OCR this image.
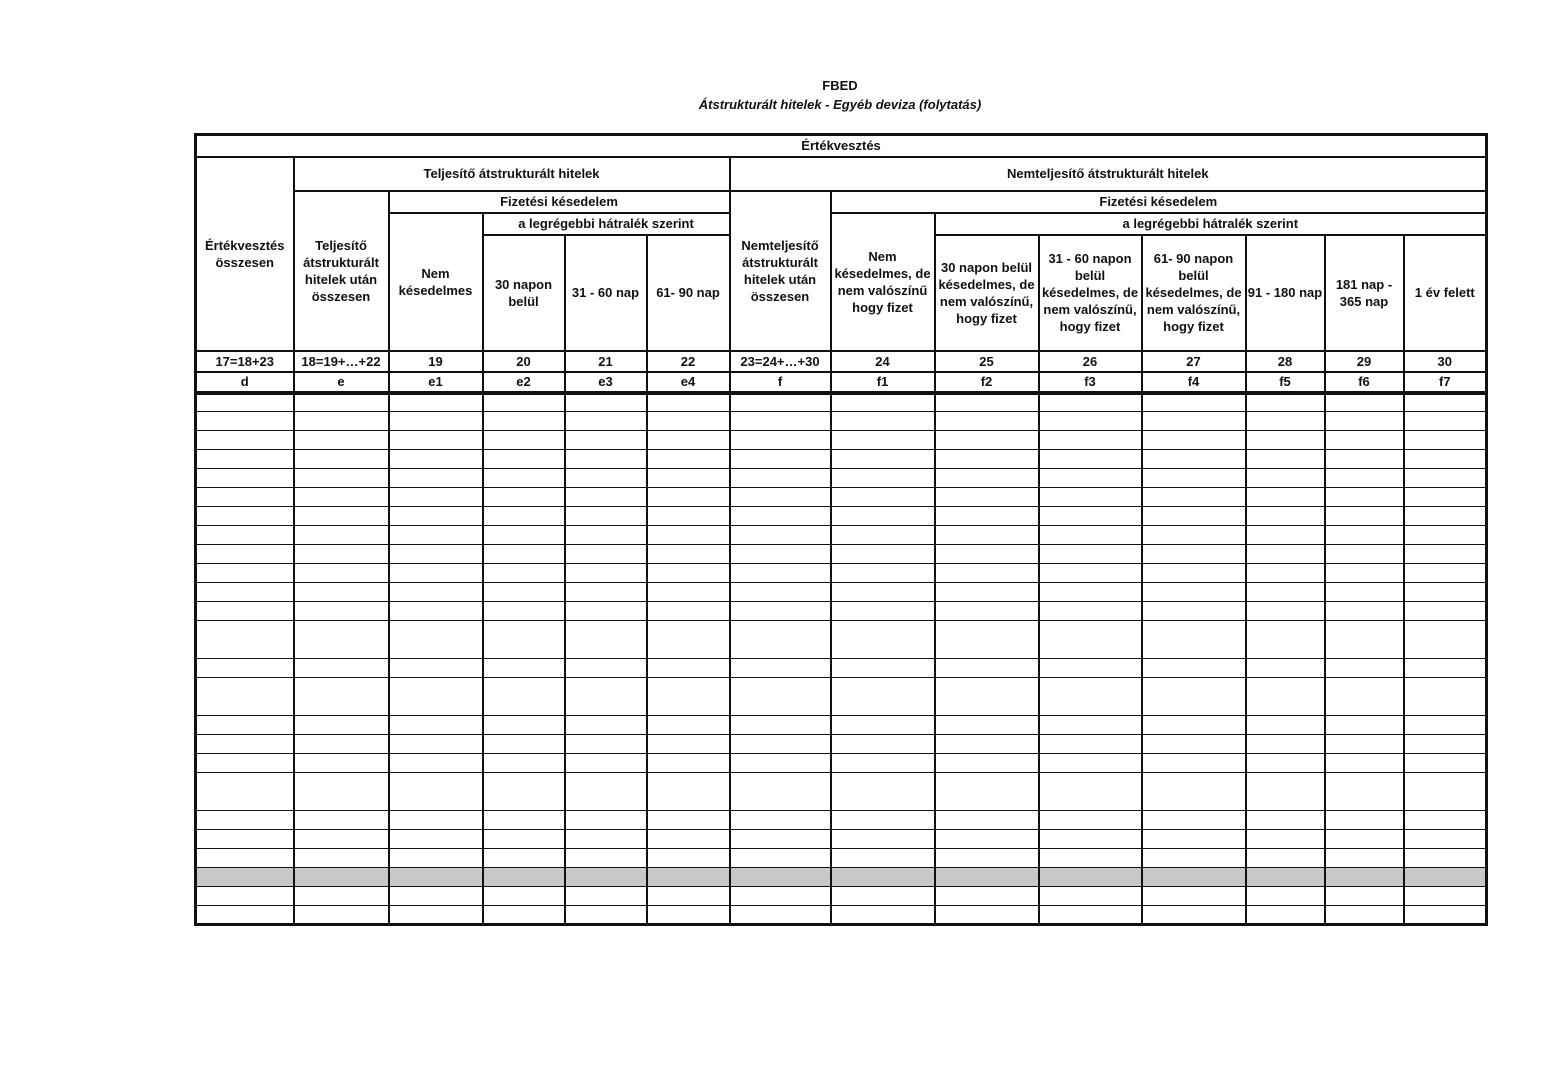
FBED
Átstrukturált hitelek - Egyéb deviza (folytatás)
Értékvesztés													
Értékvesztés összesen	Teljesítő átstrukturált hitelek					Nemteljesítő átstrukturált hitelek							
	Teljesítő átstrukturált hitelek után összesen	Fizetési késedelem				Nemteljesítő átstrukturált hitelek után összesen	Fizetési késedelem						
		Nem késedelmes	a legrégebbi hátralék szerint				Nem késedelmes, de nem valószínű hogy fizet	a legrégebbi hátralék szerint					
			30 napon belül	31 - 60 nap	61- 90 nap			30 napon belül késedelmes, de nem valószínű, hogy fizet	31 - 60 napon belül késedelmes, de nem valószínű, hogy fizet	61- 90 napon belül késedelmes, de nem valószínű, hogy fizet	91 - 180 nap	181 nap - 365 nap	1 év felett
17=18+23	18=19+…+22	19	20	21	22	23=24+…+30	24	25	26	27	28	29	30
d	e	e1	e2	e3	e4	f	f1	f2	f3	f4	f5	f6	f7
